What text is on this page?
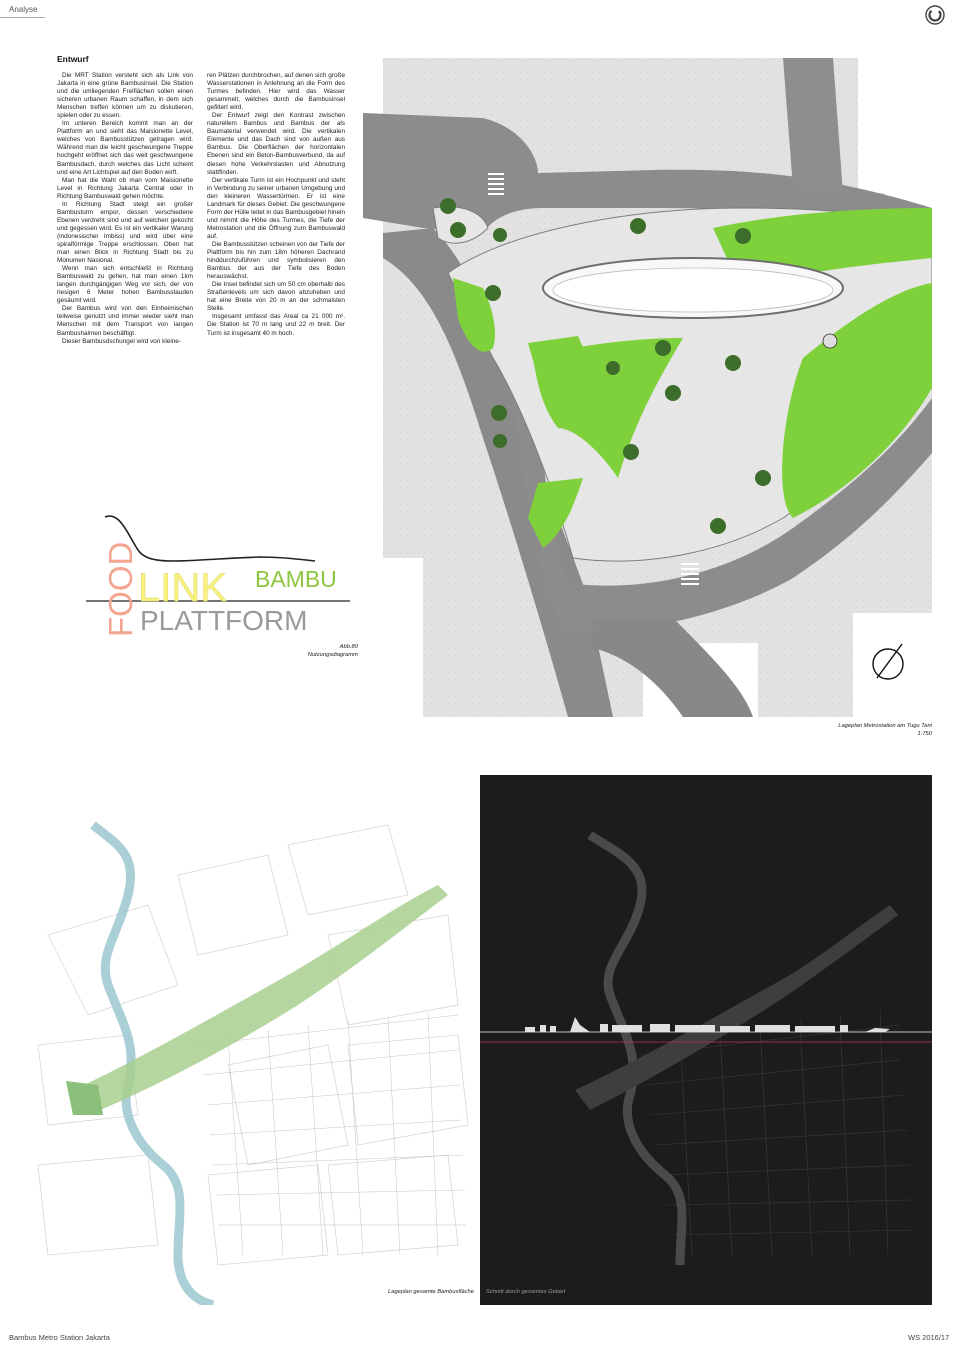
Analyse
Entwurf

Die MRT Station versteht sich als Link von Jakarta in eine grüne Bambusinsel. Die Station und die umliegenden Freiflächen sollen einen sicheren urbanen Raum schaffen, in dem sich Menschen treffen können um zu diskutieren, spielen oder zu essen.

Im unteren Bereich kommt man an der Plattform an und sieht das Maisionette Level, welches von Bambusstützen getragen wird. Während man die leicht geschwungene Treppe hochgeht eröffnet sich das weit geschwungene Bambusdach, durch welches das Licht scheint und eine Art Lichtspiel auf den Boden wirft.

Man hat die Wahl ob man vom Maisionette Level in Richtung Jakarta Central oder In Richtung Bambuswald gehen möchte.

In Richtung Stadt steigt ein großer Bambusturm empor, dessen verschiedene Ebenen verdreht sind und auf welchen gekocht und gegessen wird. Es ist ein vertikaler Warung (indonesischer Imbiss) und wird über eine spiralförmige Treppe erschlossen. Oben hat man einen Blick in Richtung Stadt bis zu Monumen Nasional.

Wenn man sich entschließt in Richtung Bambuswald zu gehen, hat man einen 1km langen durchgängigen Weg vor sich, der von riesigen 6 Meter hohen Bambusstauden gesäumt wird.

Der Bambus wird von den Einheimischen teilweise genutzt und immer wieder sieht man Menschen mit dem Transport von langen Bambushalmen beschäftigt.

Dieser Bambusdschungel wird von kleine-

ren Plätzen durchbrochen, auf denen sich große Wasserstationen in Anlehnung an die Form des Turmes befinden. Hier wird das Wasser gesammelt, welches durch die Bambusinsel gefiltert wird.

Der Entwurf zeigt den Kontrast zwischen naturellem Bambus und Bambus der als Baumaterial verwendet wird. Die vertikalen Elemente und das Dach sind von außen aus Bambus. Die Oberflächen der horizontalen Ebenen sind ein Beton-Bambusverbund, da auf diesen hohe Verkehrslasten und Abnutzung stattfinden.

Der vertikale Turm ist ein Hochpunkt und steht in Verbindung zu seiner urbanen Umgebung und den kleineren Wassertürmen. Er ist eine Landmark für dieses Gebiet. Die geschwungene Form der Hülle leitet in das Bambusgebiet hinein und nimmt die Höhe des Turmes, die Tiefe der Metrostation und die Öffnung zum Bambuswald auf.

Die Bambusstützen scheinen von der Tiefe der Plattform bis hin zum 18m höheren Dachrand hinddurchzuführen und symbolisieren den Bambus der aus der Tiefe des Boden herauswächst.

Die Insel befindet sich um 50 cm oberhalb des Straßenlevels um sich davon abzuheben und hat eine Breite von 20 m an der schmalsten Stelle.

Insgesamt umfasst das Areal ca 21 000 m². Die Station ist 70 m lang und 22 m breit. Der Turm ist insgesamt 40 m hoch.

FOOD LINK BAMBU
PLATTFORM
Abb.80
Nutzungsdiagramm
Lageplan Metrostation am Tugu Tani
1:750
Lageplan gesamte Bambusfläche Schnitt durch gesamtes Gebiet
Bambus Metro Station Jakarta	WS 2016/17
